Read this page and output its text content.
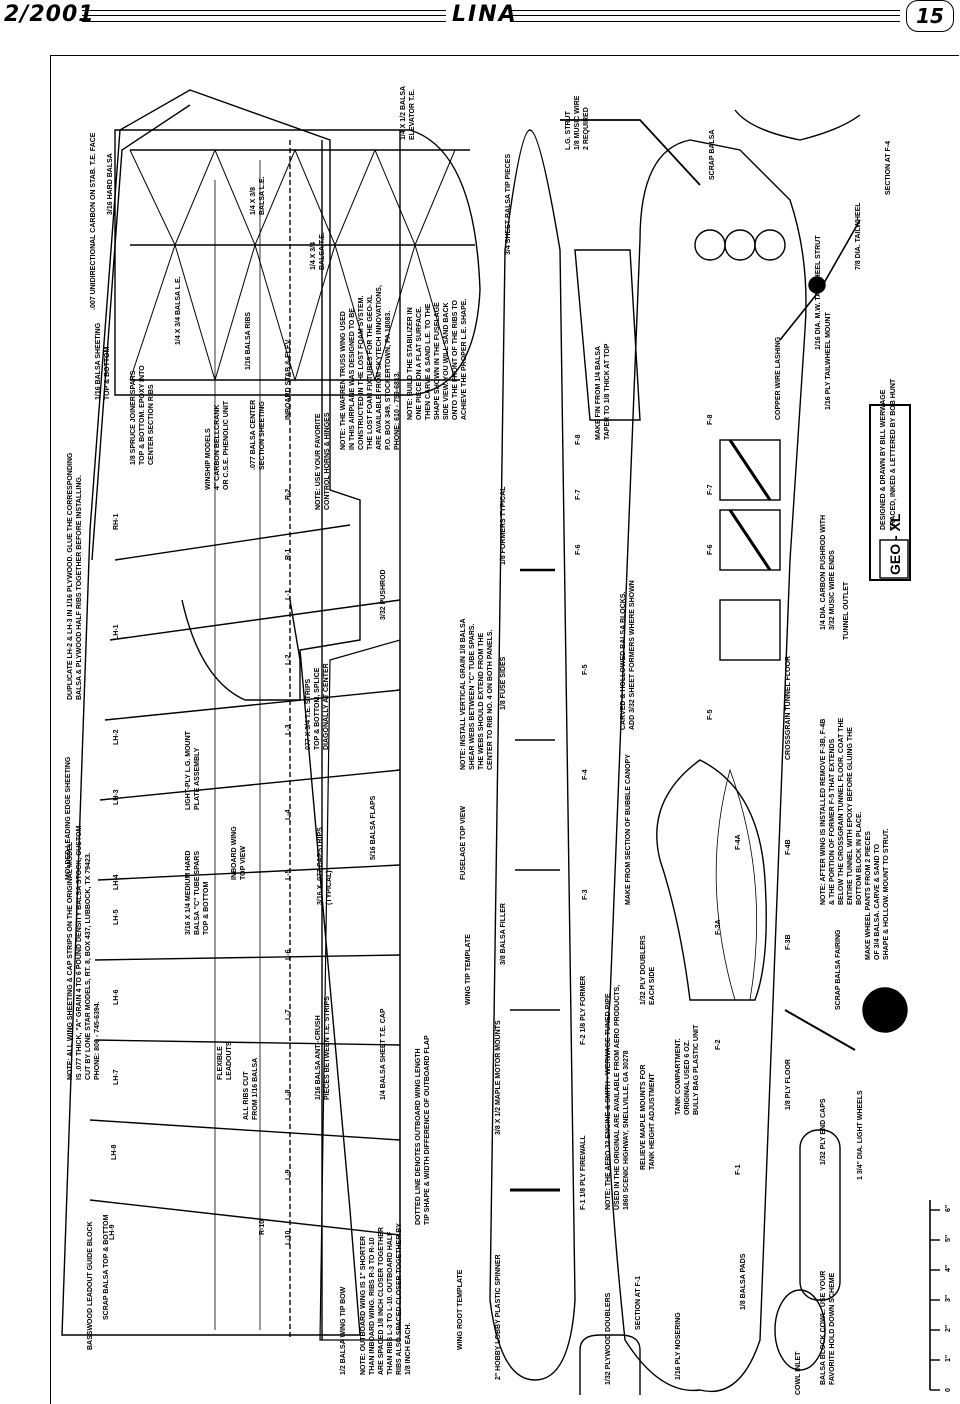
2/2001	LINA	15
NOTE: ALL WING SHEETING & CAP STRIPS ON THE ORIGINAL MODEL IS .077 THICK, "A" GRAIN 4 TO 6 POUND DENSITY BALSA STOCK, CUSTOM CUT BY LONE STAR MODELS, RT. 8, BOX 437, LUBBOCK, TX 79423. PHONE: 806 - 745-6394.
DUPLICATE LH-2 & LH-3 IN 1/16 PLYWOOD. GLUE THE CORRESPONDING BALSA & PLYWOOD HALF RIBS TOGETHER BEFORE INSTALLING.
MOLDED LEADING EDGE SHEETING
BASSWOOD LEADOUT GUIDE BLOCK SCRAP BALSA TOP & BOTTOM
1/2 BALSA WING TIP BOW NOTE: OUTBOARD WING IS 1" SHORTER THAN INBOARD WING. RIBS R-3 TO R-10 ARE SPACED 1/8 INCH CLOSER TOGETHER THAN RIBS L-3 TO L-10. OUTBOARD HALF RIBS ALSO SPACED CLOSER TOGETHER BY 1/8 INCH EACH.
DOTTED LINE DENOTES OUTBOARD WING LENGTH TIP SHAPE & WIDTH DIFFERENCE OF OUTBOARD FLAP
ALL RIBS CUT FROM 1/16 BALSA
FLEXIBLE LEADOUTS
3/16 X 1/4 MEDIUM HARD BALSA "C" TUBE SPARS TOP & BOTTOM
1/16 BALSA ANTI-CRUSH PIECES BETWEEN T.E. STRIPS	1/4 BALSA SHEET T.E. CAP
LIGHT-PLY L.G. MOUNT PLATE ASSEMBLY
INBOARD WING TOP VIEW	3/16 X .077 CAPSTRIPS (TYPICAL)
077 X 3/4 T.E. STRIPS TOP & BOTTOM, SPLICE DIAGONALLY AT CENTER
5/16 BALSA FLAPS
WINSHIP MODELS 4" CARBON BELLCRANK OR C.S.E. PHENOLIC UNIT	.077 BALSA CENTER SECTION SHEETING	NOTE: USE YOUR FAVORITE CONTROL HORNS & HINGES
3/32 PUSHROD
1/8 SPRUCE JOINER SPARS TOP & BOTTOM. EPOXY INTO CENTER SECTION RIBS
1/16 BALSA SHEETING TOP & BOTTOM
1/4 X 3/4 BALSA L.E.	1/16 BALSA RIBS	INBOARD STAB & ELEV.
.007 UNIDIRECTIONAL CARBON ON STAB. T.E. FACE 3/16 HARD BALSA
1/4 X 3/4 BALSA T.E.
1/4 X 3/8 BALSA L.E.
1/4 X 1/2 BALSA ELEVATOR T.E.	L.G. STRUT 1/8 MUSIC WIRE 2 REQUIRED
NOTE: THE WARREN TRUSS WING USED IN THIS AIRPLANE WAS DESIGNED TO BE CONSTRUCTED IN THE LOST FOAM SYSTEM. THE LOST FOAM FIXTURES FOR THE GEO-XL ARE AVAILABLE FROM SKYTECH INNOVATIONS, P.O. BOX 349, STOCKERTOWN, PA 18083. PHONE: 610 - 759-6813. NOTE: BUILD THE STABILIZER IN ONE PIECE ON A FLAT SURFACE. THEN CARVE & SAND L.E. TO THE SHAPE SHOWN IN THE FUSELAGE SIDE VIEW. YOU WILL SAND BACK ONTO THE FRONT OF THE RIBS TO ACHIEVE THE PROPER L.E. SHAPE.
LH-9
LH-8
LH-7
LH-6
LH-5
LH-4
LH-3
LH-2
LH-1
RH-1
R-10
L-10
L-9
L-8
L-7
L-6
L-5
L-4
L-3
L-2
L-1
R-1
R-2
WING ROOT TEMPLATE
WING TIP TEMPLATE
FUSELAGE TOP VIEW
2" HOBBY LOBBY PLASTIC SPINNER
3/8 X 1/2 MAPLE MOTOR MOUNTS
3/8 BALSA FILLER
1/8 FUSE SIDES
1/8 FORMERS TYPICAL
3/4 SHEET BALSA TIP PIECES
F-1 1/8 PLY FIREWALL
F-2 1/8 PLY FORMER
F-3
F-4
F-5
F-6
F-7
F-8
1/32 PLYWOOD DOUBLERS
NOTE: INSTALL VERTICAL GRAIN 1/8 BALSA SHEAR WEBS BETWEEN "C" TUBE SPARS. THE WEBS SHOULD EXTEND FROM THE CENTER TO RIB NO. 4 ON BOTH PANELS.
NOTE: THE AERO 32 ENGINE & SMITH - WERWAGE TUNED PIPE USED IN THE ORIGINAL ARE AVAILABLE FROM AERO PRODUCTS, 1860 SCENIC HIGHWAY, SNELLVILLE, GA 30278 RELIEVE MAPLE MOUNTS FOR TANK HEIGHT ADJUSTMENT
1/32 PLY DOUBLERS EACH SIDE
TANK COMPARTMENT. ORIGINAL USED 6 OZ. BULLY BAG PLASTIC UNIT
MAKE FROM SECTION OF BUBBLE CANOPY
CARVED & HOLLOWED BALSA BLOCKS. ADD 3/32 SHEET FORMERS WHERE SHOWN
MAKE FIN FROM 1/4 BALSA TAPER TO 1/8 THICK AT TOP
SCRAP BALSA	SECTION AT F-4
7/8 DIA. TAILWHEEL
1/16 DIA. M.W. TAILWHEEL STRUT
1/16 PLY TAILWHEEL MOUNT
COPPER WIRE LASHING
1/4 DIA. CARBON PUSHROD WITH 3/32 MUSIC WIRE ENDS TUNNEL OUTLET
CROSSGRAIN TUNNEL FLOOR
NOTE: AFTER WING IS INSTALLED REMOVE F-3B, F-4B & THE PORTION OF FORMER F-5 THAT EXTENDS BELOW THE CROSSGRAIN TUNNEL FLOOR. COAT THE ENTIRE TUNNEL WITH EPOXY BEFORE GLUING THE BOTTOM BLOCK IN PLACE.
F-2
F-3A
F-3B
F-4A	F-4B
F-5
F-6
F-7
F-8
F-1
1/8 PLY FLOOR
SCRAP BALSA FAIRING
MAKE WHEEL PANTS FROM 2 PIECES OF 3/4 BALSA. CARVE & SAND TO SHAPE & HOLLOW. MOUNT TO STRUT.
1 3/4" DIA. LIGHT WHEELS
1/32 PLY END CAPS
1/8 BALSA PADS
1/16 PLY NOSERING
SECTION AT F-1	BALSA BLOCK COWL. USE YOUR FAVORITE HOLD DOWN SCHEME
COWL INLET
GEO - XL
DESIGNED & DRAWN BY BILL WERWAGE TRACED, INKED & LETTERED BY BOB HUNT
0
1"
2"
3"
4"
5"
6"
